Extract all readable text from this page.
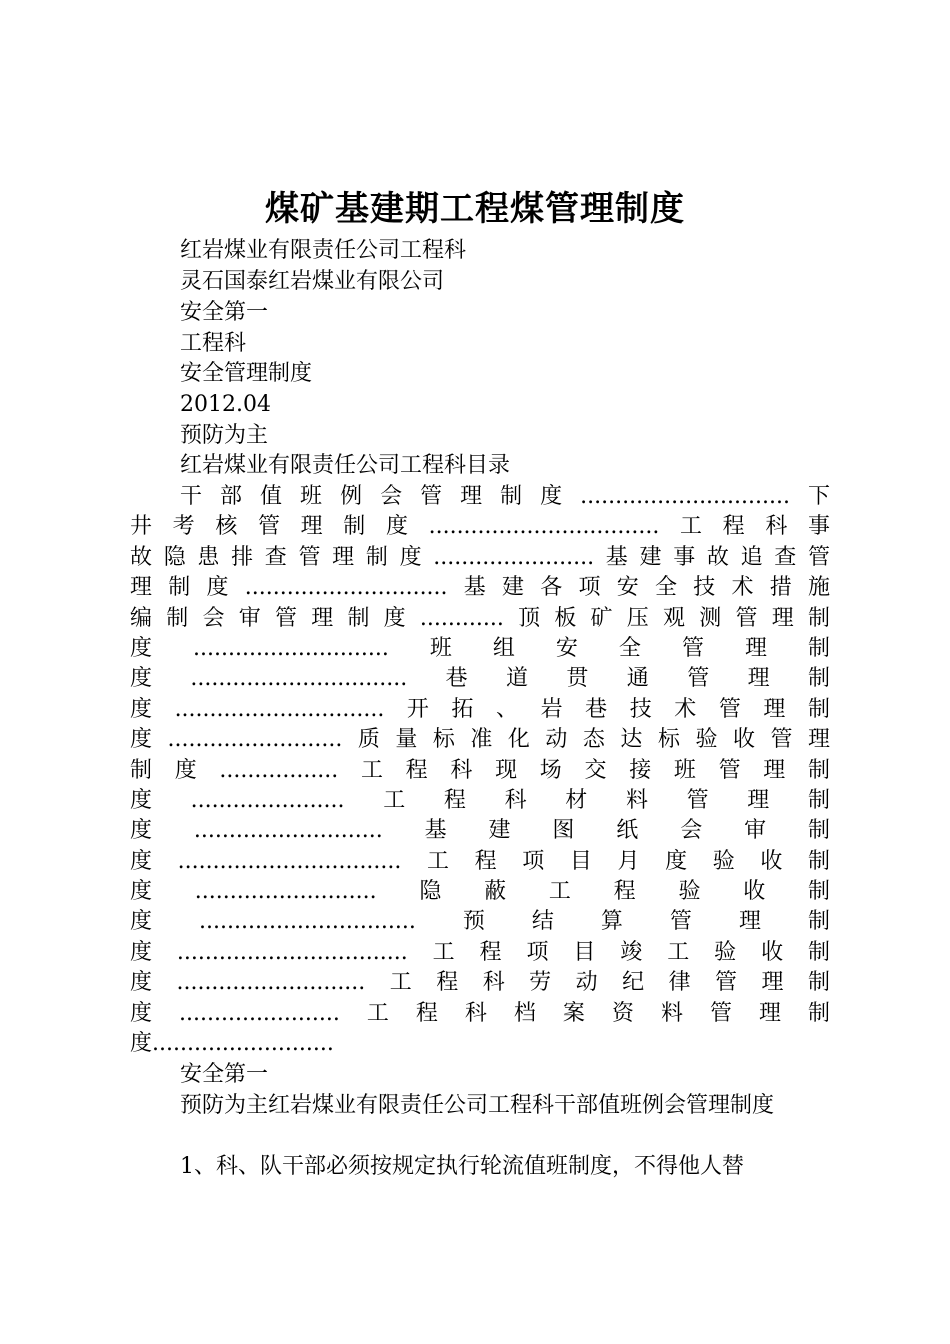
煤矿基建期工程煤管理制度
红岩煤业有限责任公司工程科
灵石国泰红岩煤业有限公司
安全第一
工程科
安全管理制度
2012.04
预防为主
红岩煤业有限责任公司工程科目录
干部值班例会管理制度..............................下
井考核管理制度.................................工程科事
故隐患排查管理制度.......................基建事故追查管
理制度.............................基建各项安全技术措施
编制会审管理制度............顶板矿压观测管理制
度............................班组安全管理制
度...............................巷道贯通管理制
度..............................开拓、岩巷技术管理制
度.........................质量标准化动态达标验收管理
制度.................工程科现场交接班管理制
度......................工程科材料管理制
度...........................基建图纸会审制
度................................工程项目月度验收制
度..........................隐蔽工程验收制
度...............................预结算管理制
度.................................工程项目竣工验收制
度...........................工程科劳动纪律管理制
度.......................工程科档案资料管理制
度..........................
安全第一
预防为主红岩煤业有限责任公司工程科干部值班例会管理制度
1、科、队干部必须按规定执行轮流值班制度，不得他人替
